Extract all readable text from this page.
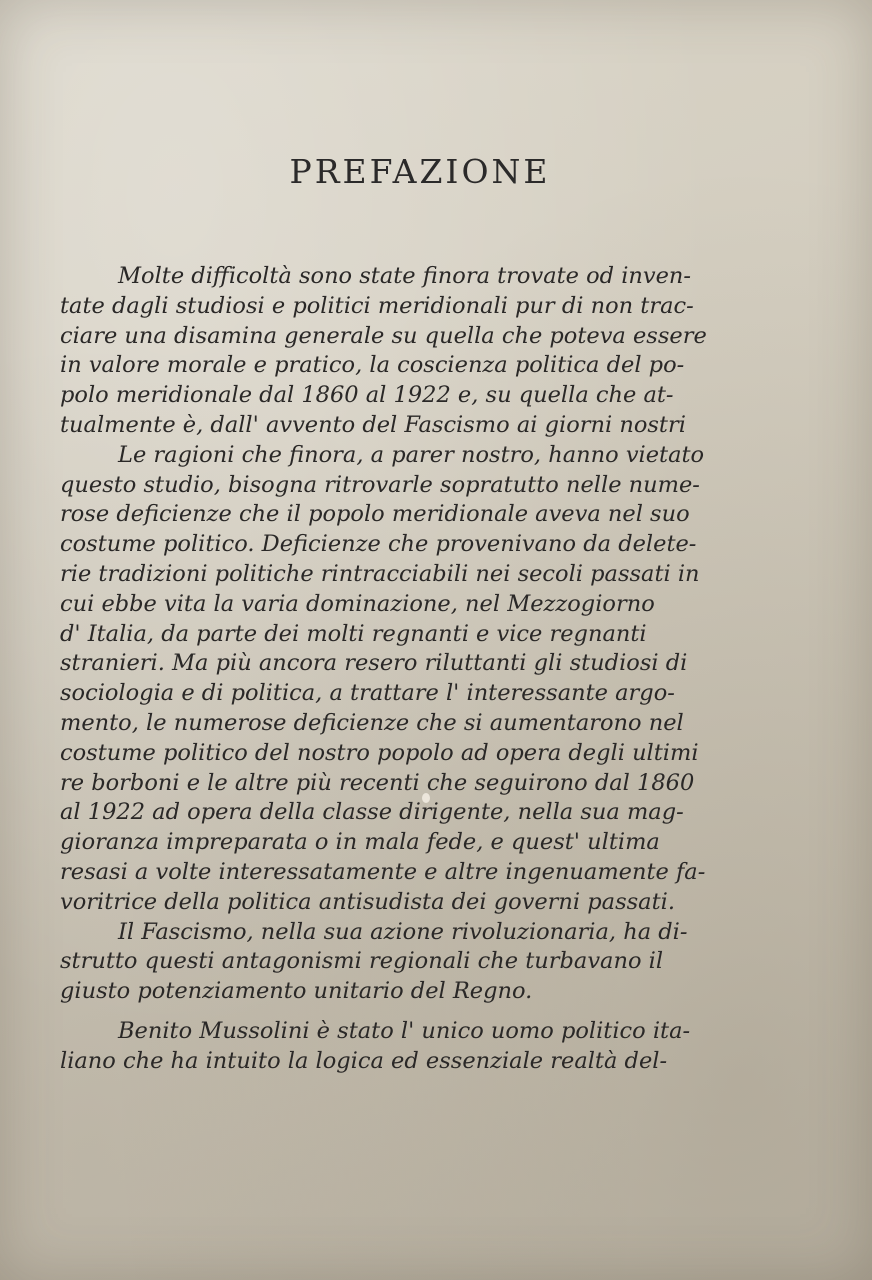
PREFAZIONE
Molte difficoltà sono state finora trovate od inven-
tate dagli studiosi e politici meridionali pur di non trac-
ciare una disamina generale su quella che poteva essere
in valore morale e pratico, la coscienza politica del po-
polo meridionale dal 1860 al 1922 e, su quella che at-
tualmente è, dall' avvento del Fascismo ai giorni nostri
Le ragioni che finora, a parer nostro, hanno vietato
questo studio, bisogna ritrovarle sopratutto nelle nume-
rose deficienze che il popolo meridionale aveva nel suo
costume politico. Deficienze che provenivano da delete-
rie tradizioni politiche rintracciabili nei secoli passati in
cui ebbe vita la varia dominazione, nel Mezzogiorno
d' Italia, da parte dei molti regnanti e vice regnanti
stranieri. Ma più ancora resero riluttanti gli studiosi di
sociologia e di politica, a trattare l' interessante argo-
mento, le numerose deficienze che si aumentarono nel
costume politico del nostro popolo ad opera degli ultimi
re borboni e le altre più recenti che seguirono dal 1860
al 1922 ad opera della classe dirigente, nella sua mag-
gioranza impreparata o in mala fede, e quest' ultima
resasi a volte interessatamente e altre ingenuamente fa-
voritrice della politica antisudista dei governi passati.
Il Fascismo, nella sua azione rivoluzionaria, ha di-
strutto questi antagonismi regionali che turbavano il
giusto potenziamento unitario del Regno.
Benito Mussolini è stato l' unico uomo politico ita-
liano che ha intuito la logica ed essenziale realtà del-
